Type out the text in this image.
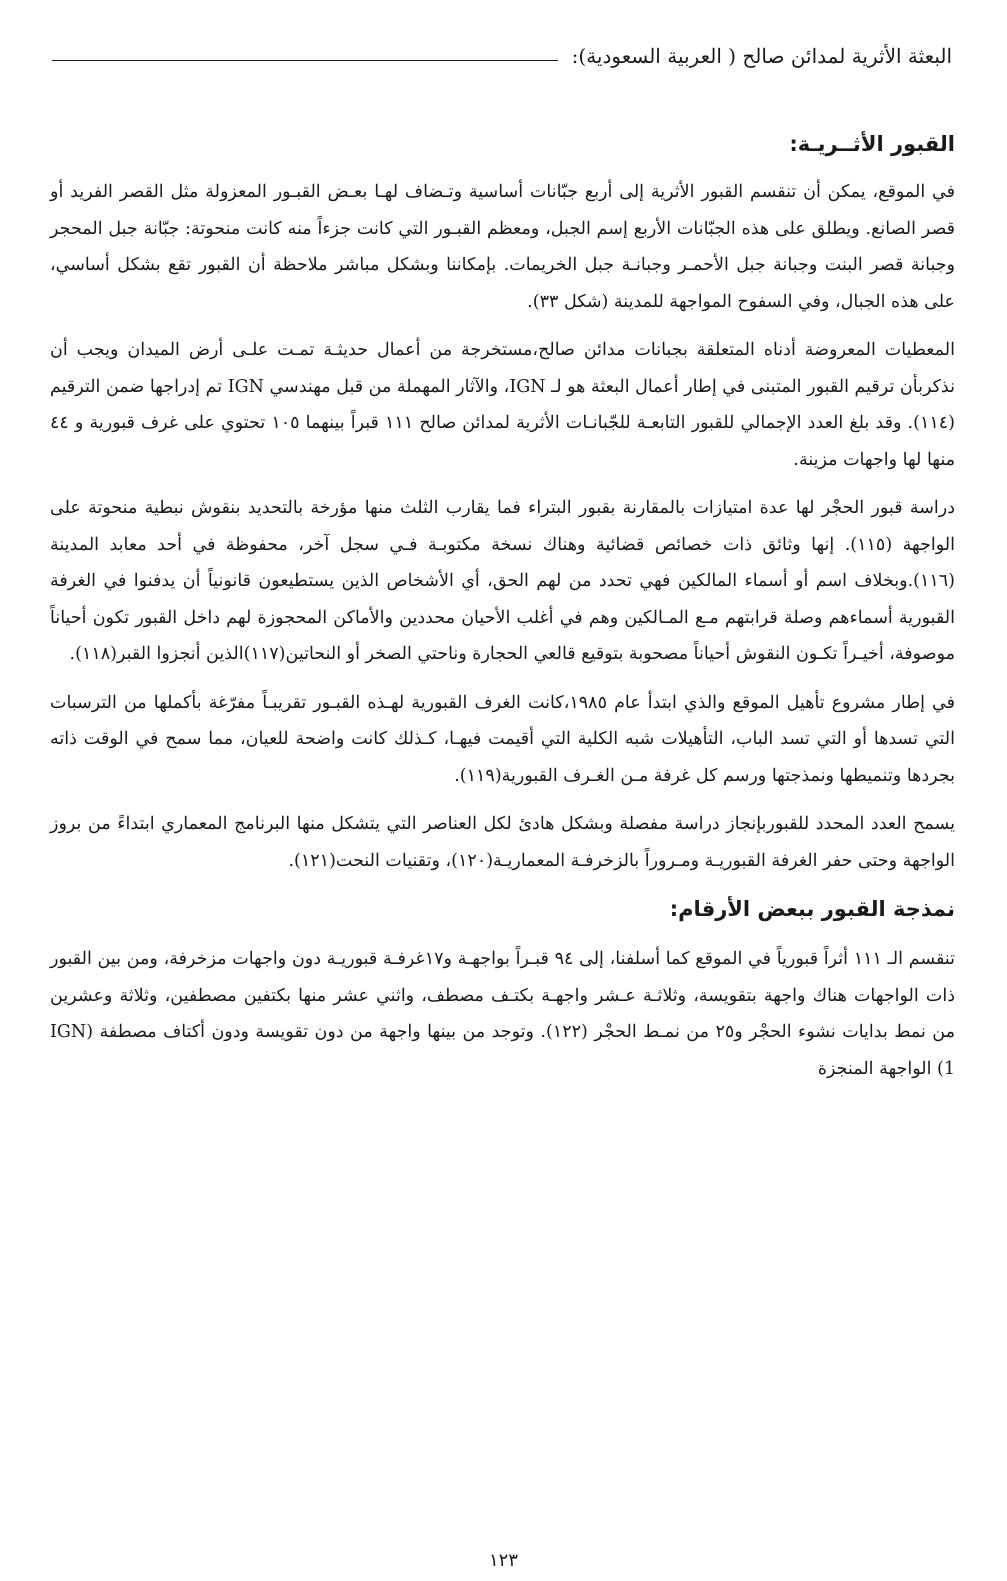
البعثة الأثرية لمدائن صالح ( العربية السعودية):
القبور الأثــريـة:

في الموقع، يمكن أن تنقسم القبور الأثرية إلى أربع جبّانات أساسية وتـضاف لهـا بعـض القبـور المعزولة مثل القصر الفريد أو قصر الصانع. ويطلق على هذه الجبّانات الأربع إسم الجبل، ومعظم القبـور التي كانت جزءاً منه كانت منحوتة: جبّانة جبل المحجر وجبانة قصر البنت وجبانة جبل الأحمـر وجبانـة جبل الخريمات. بإمكاننا وبشكل مباشر ملاحظة أن القبور تقع بشكل أساسي، على هذه الجبال، وفي السفوح المواجهة للمدينة (شكل ٣٣).

المعطيات المعروضة أدناه المتعلقة بجبانات مدائن صالح،مستخرجة من أعمال حديثـة تمـت علـى أرض الميدان ويجب أن نذكربأن ترقيم القبور المتبنى في إطار أعمال البعثة هو لـ IGN، والآثار المهملة من قبل مهندسي IGN تم إدراجها ضمن الترقيم (١١٤). وقد بلغ العدد الإجمالي للقبور التابعـة للجّبانـات الأثرية لمدائن صالح ١١١ قبراً بينهما ١٠٥ تحتوي على غرف قبورية و ٤٤ منها لها واجهات مزينة.

دراسة قبور الحجْر لها عدة امتيازات بالمقارنة بقبور البتراء فما يقارب الثلث منها مؤرخة بالتحديد بنقوش نبطية منحوتة على الواجهة (١١٥). إنها وثائق ذات خصائص قضائية وهناك نسخة مكتوبـة فـي سجل آخر، محفوظة في أحد معابد المدينة (١١٦).وبخلاف اسم أو أسماء المالكين فهي تحدد من لهم الحق، أي الأشخاص الذين يستطيعون قانونياً أن يدفنوا في الغرفة القبورية أسماءهم وصلة قرابتهم مـع المـالكين وهم في أغلب الأحيان محددين والأماكن المحجوزة لهم داخل القبور تكون أحياناً موصوفة، أخيـراً تكـون النقوش أحياناً مصحوبة بتوقيع قالعي الحجارة وناحتي الصخر أو النحاتين(١١٧)الذين أنجزوا القبر(١١٨).

في إطار مشروع تأهيل الموقع والذي ابتدأ عام ١٩٨٥،كانت الغرف القبورية لهـذه القبـور تقريبـاً مفرّغة بأكملها من الترسبات التي تسدها أو التي تسد الباب، التأهيلات شبه الكلية التي أقيمت فيهـا، كـذلك كانت واضحة للعيان، مما سمح في الوقت ذاته بجردها وتنميطها ونمذجتها ورسم كل غرفة مـن الغـرف القبورية(١١٩).

يسمح العدد المحدد للقبوربإنجاز دراسة مفصلة وبشكل هادئ لكل العناصر التي يتشكل منها البرنامج المعماري ابتداءً من بروز الواجهة وحتى حفر الغرفة القبوريـة ومـروراً بالزخرفـة المعماريـة(١٢٠)، وتقنيات النحت(١٢١).

نمذجة القبور ببعض الأرقام:

تنقسم الـ ١١١ أثراً قبورياً في الموقع كما أسلفنا، إلى ٩٤ قبـراً بواجهـة و١٧غرفـة قبوريـة دون واجهات مزخرفة، ومن بين القبور ذات الواجهات هناك واجهة بتقويسة، وثلاثـة عـشر واجهـة بكتـف مصطف، واثني عشر منها بكتفين مصطفين، وثلاثة وعشرين من نمط بدايات نشوء الحجْر و٢٥ من نمـط الحجْر (١٢٢). وتوجد من بينها واجهة من دون تقويسة ودون أكتاف مصطفة (IGN 1) الواجهة المنجزة

١٢٣
